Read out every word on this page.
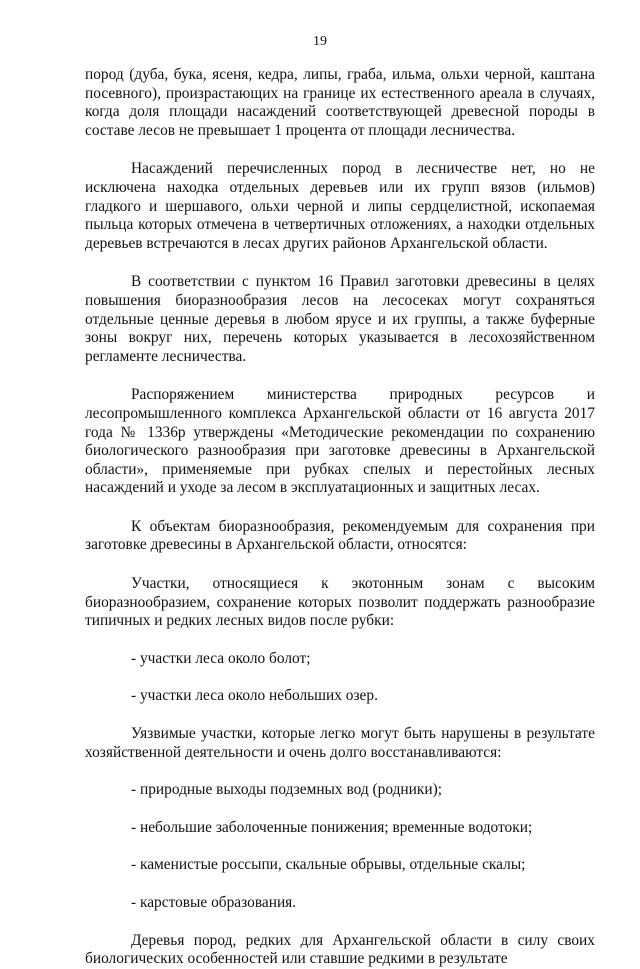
19

пород (дуба, бука, ясеня, кедра, липы, граба, ильма, ольхи черной, каштана посевного), произрастающих на границе их естественного ареала в случаях, когда доля площади насаждений соответствующей древесной породы в составе лесов не превышает 1 процента от площади лесничества.

Насаждений перечисленных пород в лесничестве нет, но не исключена находка отдельных деревьев или их групп вязов (ильмов) гладкого и шершавого, ольхи черной и липы сердцелистной, ископаемая пыльца которых отмечена в четвертичных отложениях, а находки отдельных деревьев встречаются в лесах других районов Архангельской области.

В соответствии с пунктом 16 Правил заготовки древесины в целях повышения биоразнообразия лесов на лесосеках могут сохраняться отдельные ценные деревья в любом ярусе и их группы, а также буферные зоны вокруг них, перечень которых указывается в лесохозяйственном регламенте лесничества.

Распоряжением министерства природных ресурсов и лесопромышленного комплекса Архангельской области от 16 августа 2017 года № 1336р утверждены «Методические рекомендации по сохранению биологического разнообразия при заготовке древесины в Архангельской области», применяемые при рубках спелых и перестойных лесных насаждений и уходе за лесом в эксплуатационных и защитных лесах.

К объектам биоразнообразия, рекомендуемым для сохранения при заготовке древесины в Архангельской области, относятся:

Участки, относящиеся к экотонным зонам с высоким биоразнообразием, сохранение которых позволит поддержать разнообразие типичных и редких лесных видов после рубки:

- участки леса около болот;

- участки леса около небольших озер.

Уязвимые участки, которые легко могут быть нарушены в результате хозяйственной деятельности и очень долго восстанавливаются:

- природные выходы подземных вод (родники);

- небольшие заболоченные понижения; временные водотоки;

- каменистые россыпи, скальные обрывы, отдельные скалы;

- карстовые образования.

Деревья пород, редких для Архангельской области в силу своих биологических особенностей или ставшие редкими в результате
